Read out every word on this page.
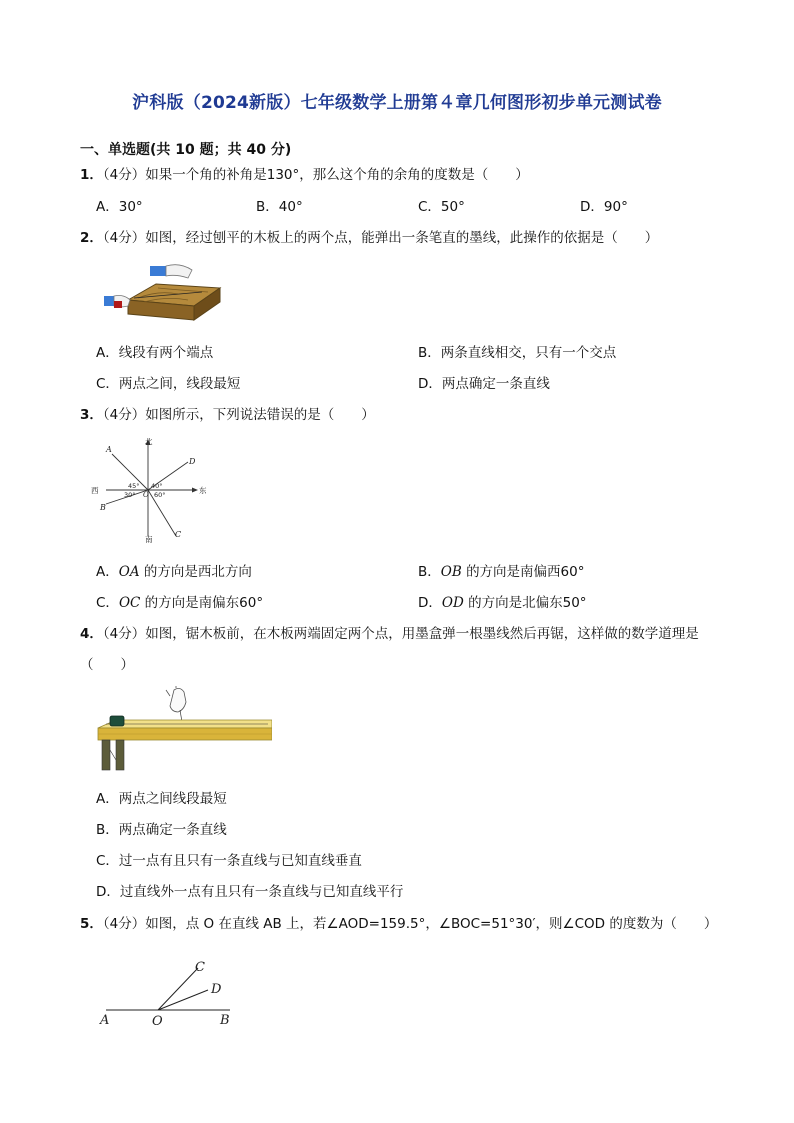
沪科版（2024新版）七年级数学上册第４章几何图形初步单元测试卷
一、单选题(共 10 题；共 40 分)
1．（4分）如果一个角的补角是130°，那么这个角的余角的度数是（　　）
A．30°	B．40°	C．50°	D．90°
2．（4分）如图，经过刨平的木板上的两个点，能弹出一条笔直的墨线，此操作的依据是（　　）
A．线段有两个端点	B．两条直线相交，只有一个交点
C．两点之间，线段最短	D．两点确定一条直线
3．（4分）如图所示，下列说法错误的是（　　）
北
南
西	东
A
B
C
D
O
45° 40°
30°	60°
A．OA 的方向是西北方向	B．OB 的方向是南偏西60°
C．OC 的方向是南偏东60°	D．OD 的方向是北偏东50°
4．（4分）如图，锯木板前，在木板两端固定两个点，用墨盒弹一根墨线然后再锯，这样做的数学道理是
（　　）
A．两点之间线段最短
B．两点确定一条直线
C．过一点有且只有一条直线与已知直线垂直
D．过直线外一点有且只有一条直线与已知直线平行
5．（4分）如图，点 O 在直线 AB 上，若∠AOD=159.5°，∠BOC=51°30′，则∠COD 的度数为（　　）
A	O	B
C
D
